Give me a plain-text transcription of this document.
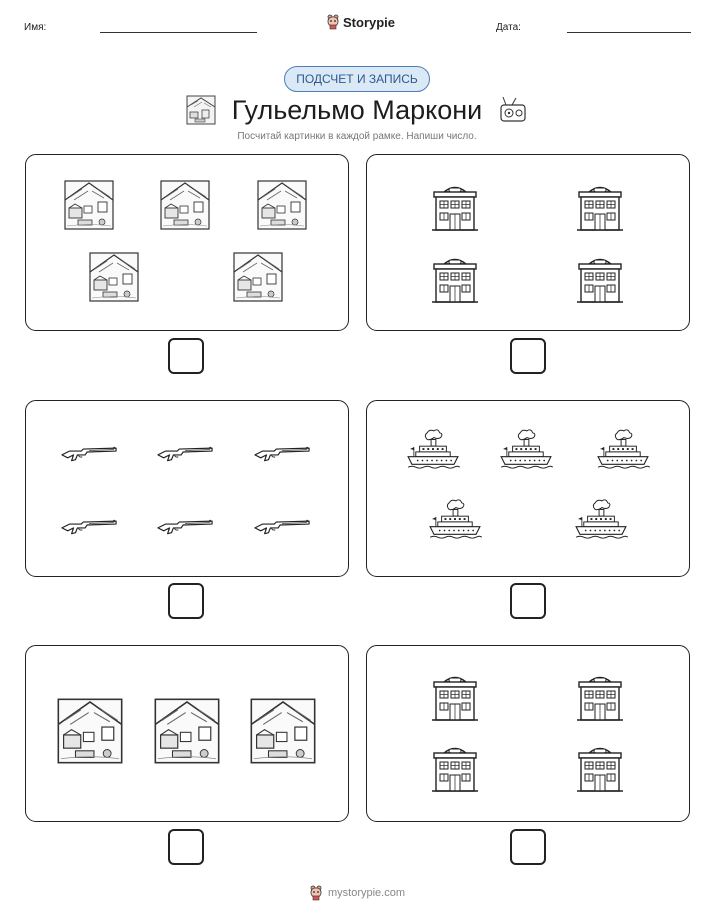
Имя:	Storypie	Дата:
ПОДСЧЕТ И ЗАПИСЬ
Гульельмо Маркони
Посчитай картинки в каждой рамке. Напиши число.
mystorypie.com
